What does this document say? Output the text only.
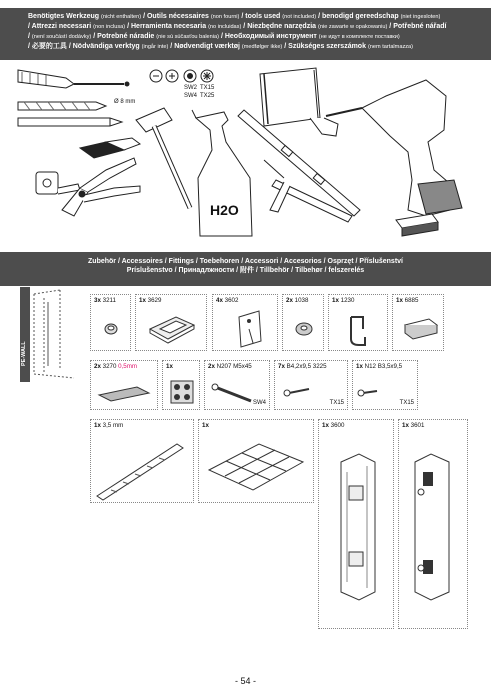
Benötigtes Werkzeug (nicht enthalten) / Outils nécessaires (non fourni) / tools used (not included) / benodigd gereedschap (niet ingesloten)
/ Attrezzi necessari (non inclusa) / Herramienta necesaria (no incluidas) / Niezbędne narzędzia (nie zawarte w opakowaniu) / Potřebné nářadí
/ (není součástí dodávky) / Potrebné náradie (nie sú súčasťou balenia) / Необходимый инструмент (не идут в комплекте поставки)
/ 必要的工具 / Nödvändiga verktyg (ingår inte) / Nødvendigt værktøj (medfølger ikke) / Szükséges szerszámok (nem tartalmazza)
Ø 8 mm
SW2 TX15
SW4 TX25
H2O
Zubehör / Accessoires / Fittings / Toebehoren / Accessori / Accesorios / Osprzęt / Příslušenství
Príslušenstvo / Принадлжности / 附件 / Tillbehör / Tilbehør / felszerelés
PE-WALL
3x 3211	1x 3629	4x 3602	2x 1038	1x 1230	1x 6885
2x 3270 0,5mm	1x	2x N207 M5x45
SW4
7x B4,2x9,5 3225
TX15
1x N12 B3,5x9,5
TX15
1x 3,5 mm	1x	1x 3600	1x 3601
- 54 -
